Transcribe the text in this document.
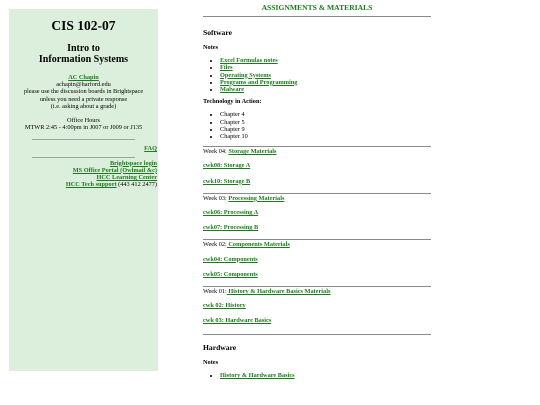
CIS 102-07
Intro to
Information Systems
AC Chapin
achapin@harford.edu
please use the discussion boards in Brightspace
unless you need a private response
(i.e. asking about a grade)
Office Hours
MTWR 2:45 - 4:00pm in J007 or J009 or J135
FAQ
Brightspace login
MS Office Portal (Owlmail &c)
HCC Learning Center
HCC Tech support (443 412 2477)
ASSIGNMENTS & MATERIALS
Software
Notes
• Excel Formulas notes
• Files
• Operating Systems
• Programs and Programming
• Malware
Technology in Action:
• Chapter 4
• Chapter 5
• Chapter 9
• Chapter 10
Week 04: Storage Materials
cwk08: Storage A
cwk10: Storage B
Week 03: Processing Materials
cwk06: Processing A
cwk07: Processing B
Week 02: Components Materials
cwk04: Components
cwk05: Components
Week 01: History & Hardware Basics Materials
cwk 02: History
cwk 03: Hardware Basics
Hardware
Notes
• History & Hardware Basics
